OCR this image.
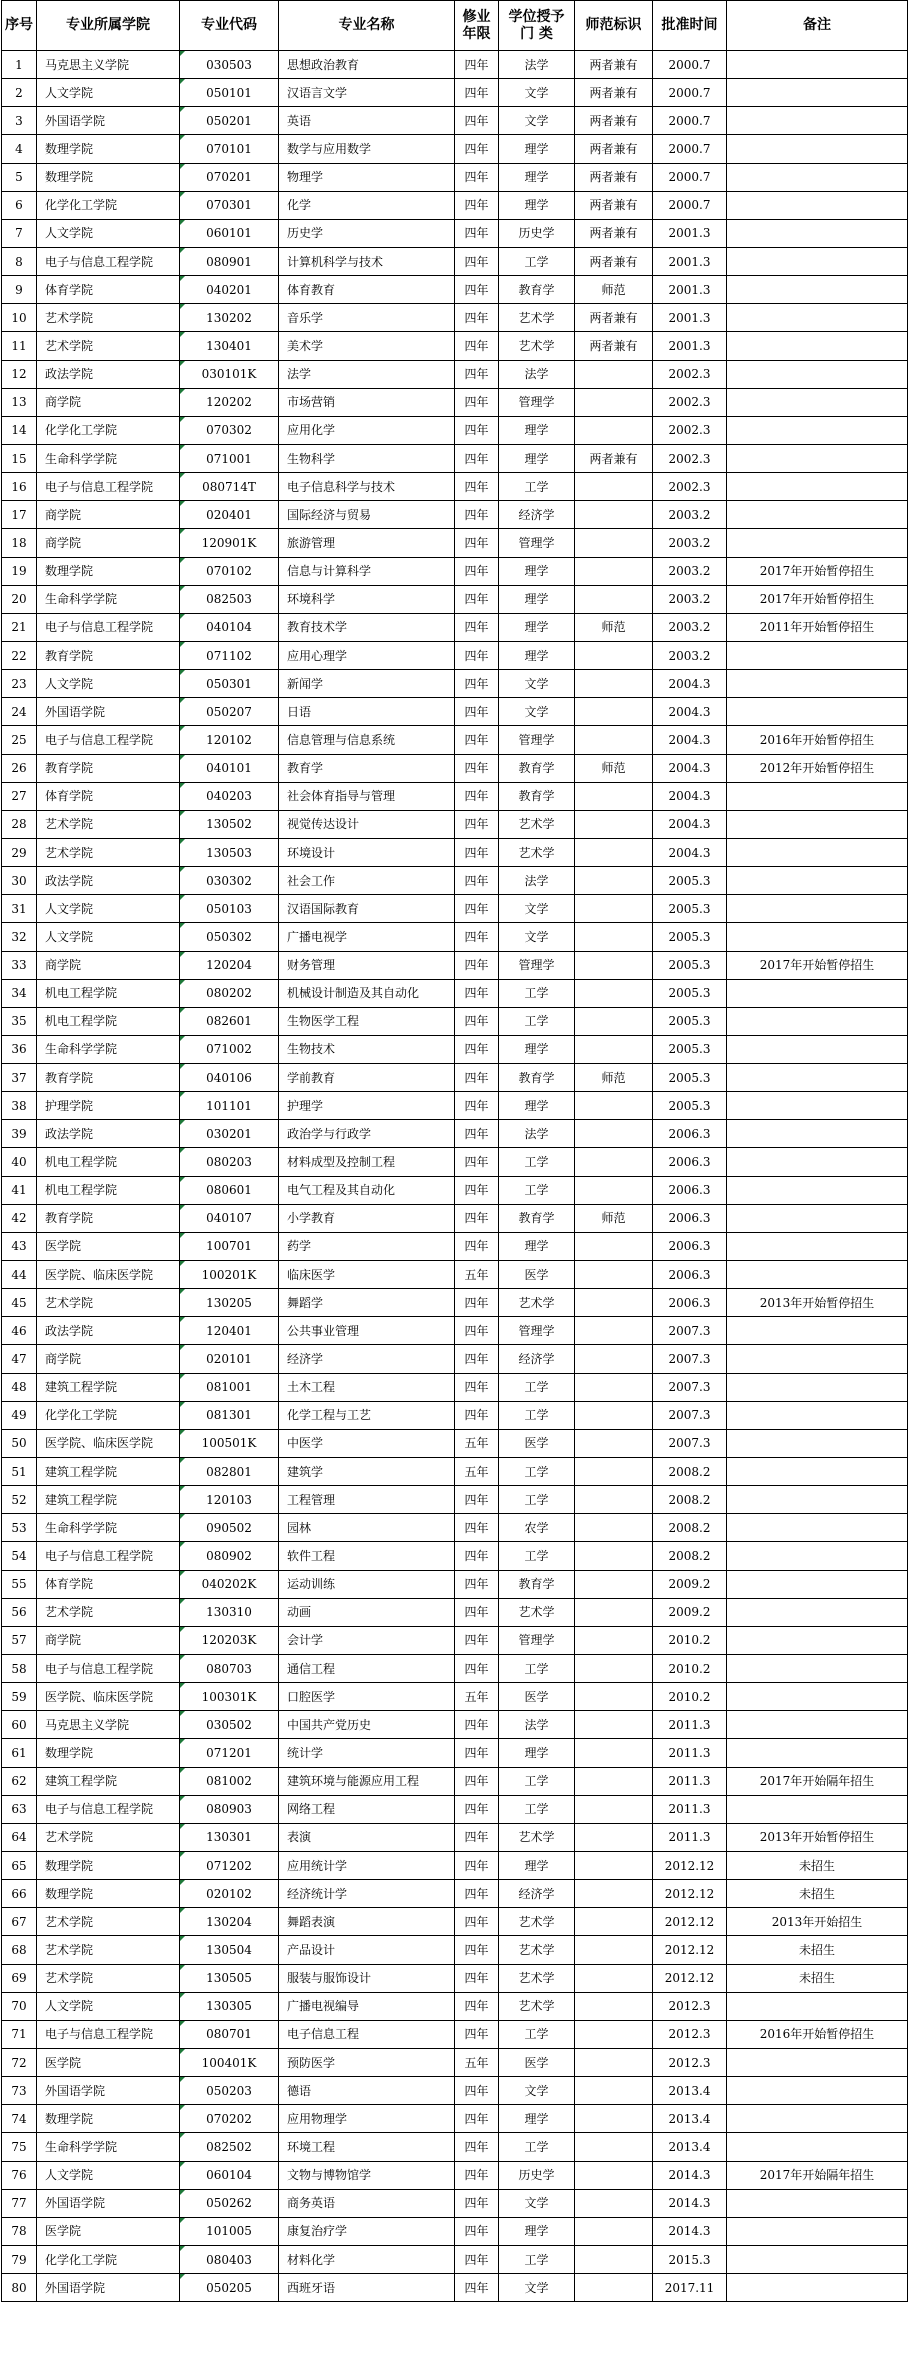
序号	专业所属学院	专业代码	专业名称	修业年限	学位授予门 类	师范标识	批准时间	备注
1	马克思主义学院	030503	思想政治教育	四年	法学	两者兼有	2000.7	
2	人文学院	050101	汉语言文学	四年	文学	两者兼有	2000.7	
3	外国语学院	050201	英语	四年	文学	两者兼有	2000.7	
4	数理学院	070101	数学与应用数学	四年	理学	两者兼有	2000.7	
5	数理学院	070201	物理学	四年	理学	两者兼有	2000.7	
6	化学化工学院	070301	化学	四年	理学	两者兼有	2000.7	
7	人文学院	060101	历史学	四年	历史学	两者兼有	2001.3	
8	电子与信息工程学院	080901	计算机科学与技术	四年	工学	两者兼有	2001.3	
9	体育学院	040201	体育教育	四年	教育学	师范	2001.3	
10	艺术学院	130202	音乐学	四年	艺术学	两者兼有	2001.3	
11	艺术学院	130401	美术学	四年	艺术学	两者兼有	2001.3	
12	政法学院	030101K	法学	四年	法学		2002.3	
13	商学院	120202	市场营销	四年	管理学		2002.3	
14	化学化工学院	070302	应用化学	四年	理学		2002.3	
15	生命科学学院	071001	生物科学	四年	理学	两者兼有	2002.3	
16	电子与信息工程学院	080714T	电子信息科学与技术	四年	工学		2002.3	
17	商学院	020401	国际经济与贸易	四年	经济学		2003.2	
18	商学院	120901K	旅游管理	四年	管理学		2003.2	
19	数理学院	070102	信息与计算科学	四年	理学		2003.2	2017年开始暂停招生
20	生命科学学院	082503	环境科学	四年	理学		2003.2	2017年开始暂停招生
21	电子与信息工程学院	040104	教育技术学	四年	理学	师范	2003.2	2011年开始暂停招生
22	教育学院	071102	应用心理学	四年	理学		2003.2	
23	人文学院	050301	新闻学	四年	文学		2004.3	
24	外国语学院	050207	日语	四年	文学		2004.3	
25	电子与信息工程学院	120102	信息管理与信息系统	四年	管理学		2004.3	2016年开始暂停招生
26	教育学院	040101	教育学	四年	教育学	师范	2004.3	2012年开始暂停招生
27	体育学院	040203	社会体育指导与管理	四年	教育学		2004.3	
28	艺术学院	130502	视觉传达设计	四年	艺术学		2004.3	
29	艺术学院	130503	环境设计	四年	艺术学		2004.3	
30	政法学院	030302	社会工作	四年	法学		2005.3	
31	人文学院	050103	汉语国际教育	四年	文学		2005.3	
32	人文学院	050302	广播电视学	四年	文学		2005.3	
33	商学院	120204	财务管理	四年	管理学		2005.3	2017年开始暂停招生
34	机电工程学院	080202	机械设计制造及其自动化	四年	工学		2005.3	
35	机电工程学院	082601	生物医学工程	四年	工学		2005.3	
36	生命科学学院	071002	生物技术	四年	理学		2005.3	
37	教育学院	040106	学前教育	四年	教育学	师范	2005.3	
38	护理学院	101101	护理学	四年	理学		2005.3	
39	政法学院	030201	政治学与行政学	四年	法学		2006.3	
40	机电工程学院	080203	材料成型及控制工程	四年	工学		2006.3	
41	机电工程学院	080601	电气工程及其自动化	四年	工学		2006.3	
42	教育学院	040107	小学教育	四年	教育学	师范	2006.3	
43	医学院	100701	药学	四年	理学		2006.3	
44	医学院、临床医学院	100201K	临床医学	五年	医学		2006.3	
45	艺术学院	130205	舞蹈学	四年	艺术学		2006.3	2013年开始暂停招生
46	政法学院	120401	公共事业管理	四年	管理学		2007.3	
47	商学院	020101	经济学	四年	经济学		2007.3	
48	建筑工程学院	081001	土木工程	四年	工学		2007.3	
49	化学化工学院	081301	化学工程与工艺	四年	工学		2007.3	
50	医学院、临床医学院	100501K	中医学	五年	医学		2007.3	
51	建筑工程学院	082801	建筑学	五年	工学		2008.2	
52	建筑工程学院	120103	工程管理	四年	工学		2008.2	
53	生命科学学院	090502	园林	四年	农学		2008.2	
54	电子与信息工程学院	080902	软件工程	四年	工学		2008.2	
55	体育学院	040202K	运动训练	四年	教育学		2009.2	
56	艺术学院	130310	动画	四年	艺术学		2009.2	
57	商学院	120203K	会计学	四年	管理学		2010.2	
58	电子与信息工程学院	080703	通信工程	四年	工学		2010.2	
59	医学院、临床医学院	100301K	口腔医学	五年	医学		2010.2	
60	马克思主义学院	030502	中国共产党历史	四年	法学		2011.3	
61	数理学院	071201	统计学	四年	理学		2011.3	
62	建筑工程学院	081002	建筑环境与能源应用工程	四年	工学		2011.3	2017年开始隔年招生
63	电子与信息工程学院	080903	网络工程	四年	工学		2011.3	
64	艺术学院	130301	表演	四年	艺术学		2011.3	2013年开始暂停招生
65	数理学院	071202	应用统计学	四年	理学		2012.12	未招生
66	数理学院	020102	经济统计学	四年	经济学		2012.12	未招生
67	艺术学院	130204	舞蹈表演	四年	艺术学		2012.12	2013年开始招生
68	艺术学院	130504	产品设计	四年	艺术学		2012.12	未招生
69	艺术学院	130505	服装与服饰设计	四年	艺术学		2012.12	未招生
70	人文学院	130305	广播电视编导	四年	艺术学		2012.3	
71	电子与信息工程学院	080701	电子信息工程	四年	工学		2012.3	2016年开始暂停招生
72	医学院	100401K	预防医学	五年	医学		2012.3	
73	外国语学院	050203	德语	四年	文学		2013.4	
74	数理学院	070202	应用物理学	四年	理学		2013.4	
75	生命科学学院	082502	环境工程	四年	工学		2013.4	
76	人文学院	060104	文物与博物馆学	四年	历史学		2014.3	2017年开始隔年招生
77	外国语学院	050262	商务英语	四年	文学		2014.3	
78	医学院	101005	康复治疗学	四年	理学		2014.3	
79	化学化工学院	080403	材料化学	四年	工学		2015.3	
80	外国语学院	050205	西班牙语	四年	文学		2017.11	
